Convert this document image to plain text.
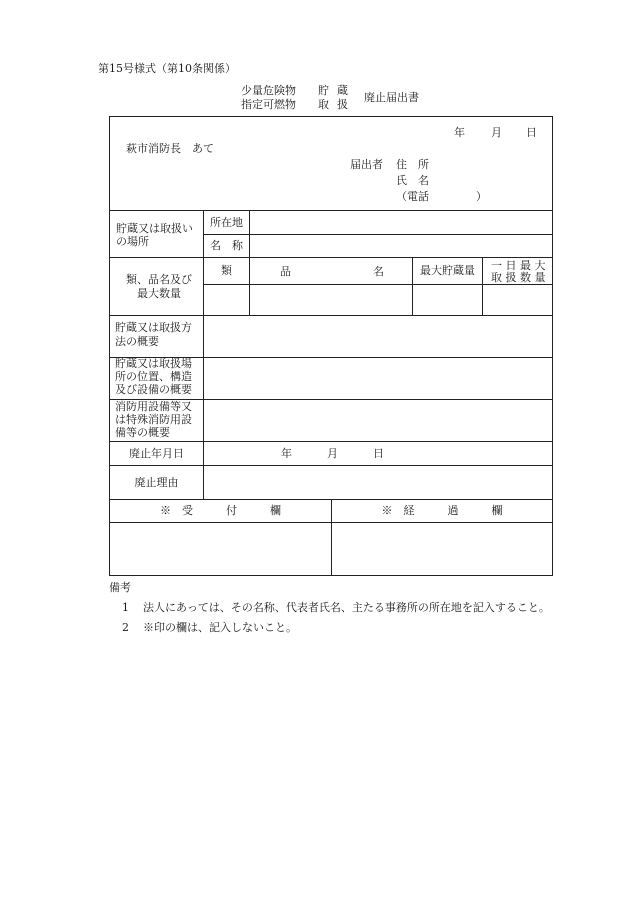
第15号様式（第10条関係）
少量危険物
指定可燃物
貯蔵
取扱
廃止届出書
年 月 日
萩市消防長　あて
届出者 住　所
氏　名
（電話	）
貯蔵又は取扱いの場所
所在地
名　称
類、品名及び最大数量
類	品	名	最大貯蔵量	一 日 最 大
取 扱 数 量
貯蔵又は取扱方法の概要
貯蔵又は取扱場所の位置、構造及び設備の概要
消防用設備等又は特殊消防用設備等の概要
廃止年月日	年	月	日
廃止理由
※　受　　　付　　　欄	※　経　　　過　　　欄
備考
1 法人にあっては、その名称、代表者氏名、主たる事務所の所在地を記入すること。
2 ※印の欄は、記入しないこと。
